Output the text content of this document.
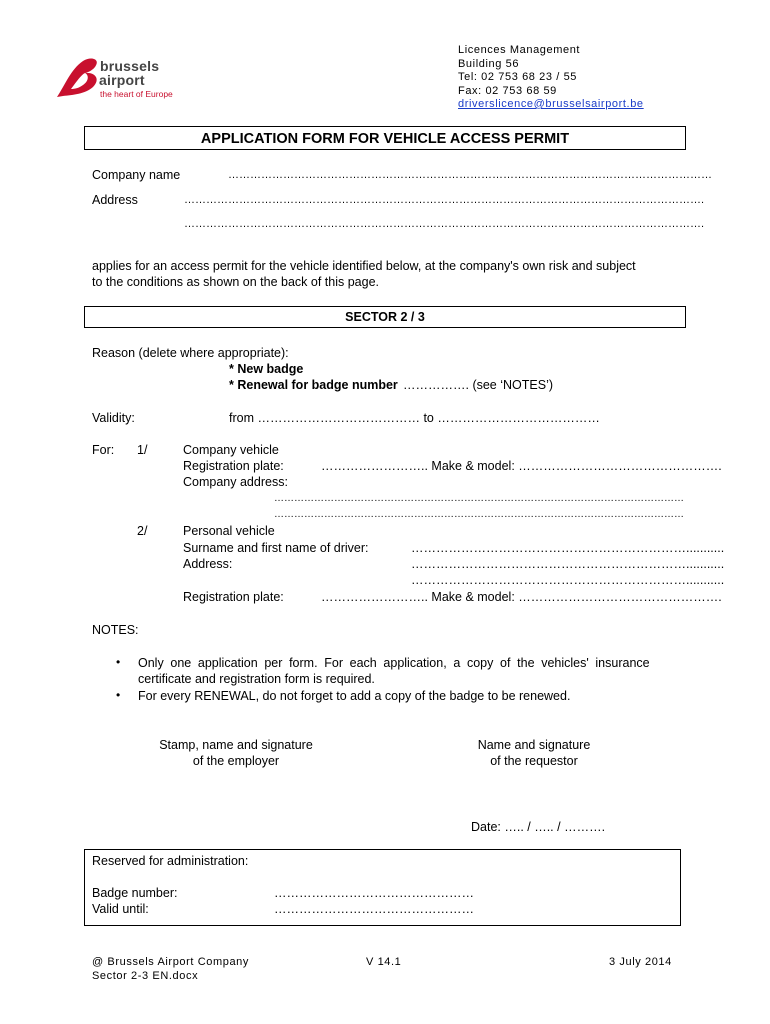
brussels
airport
the heart of Europe
Licences Management
Building 56
Tel: 02 753 68 23 / 55
Fax: 02 753 68 59
driverslicence@brusselsairport.be
APPLICATION FORM FOR VEHICLE ACCESS PERMIT
Company name	……………………………………………………………………………………………………………………
Address	…………………………………………………………………………………………………………………………….
…………………………………………………………………………………………………………………………….
applies for an access permit for the vehicle identified below, at the company's own risk and subject
to the conditions as shown on the back of this page.
SECTOR 2 / 3
Reason (delete where appropriate):
* New badge
* Renewal for badge number ……………. (see ‘NOTES’)
Validity:	from ………………………………… to …………………………………
For: 1/	Company vehicle
Registration plate:	…………………….. Make & model: ………………………………………….
Company address:
……………………………………………………………………………………………………………
……………………………………………………………………………………………………………
2/	Personal vehicle
Surname and first name of driver:	…………………………………………………………...........
Address:	…………………………………………………………...........
…………………………………………………………...........
Registration plate:	…………………….. Make & model: ………………………………………….
NOTES:
• Only one application per form. For each application, a copy of the vehicles' insurance
certificate and registration form is required.
• For every RENEWAL, do not forget to add a copy of the badge to be renewed.
Stamp, name and signature
of the employer
Name and signature
of the requestor
Date: ….. / ….. / ……….
Reserved for administration:
Badge number:	…………………………………………
Valid until:	…………………………………………
@ Brussels Airport Company
Sector 2-3 EN.docx
V 14.1	3 July 2014
